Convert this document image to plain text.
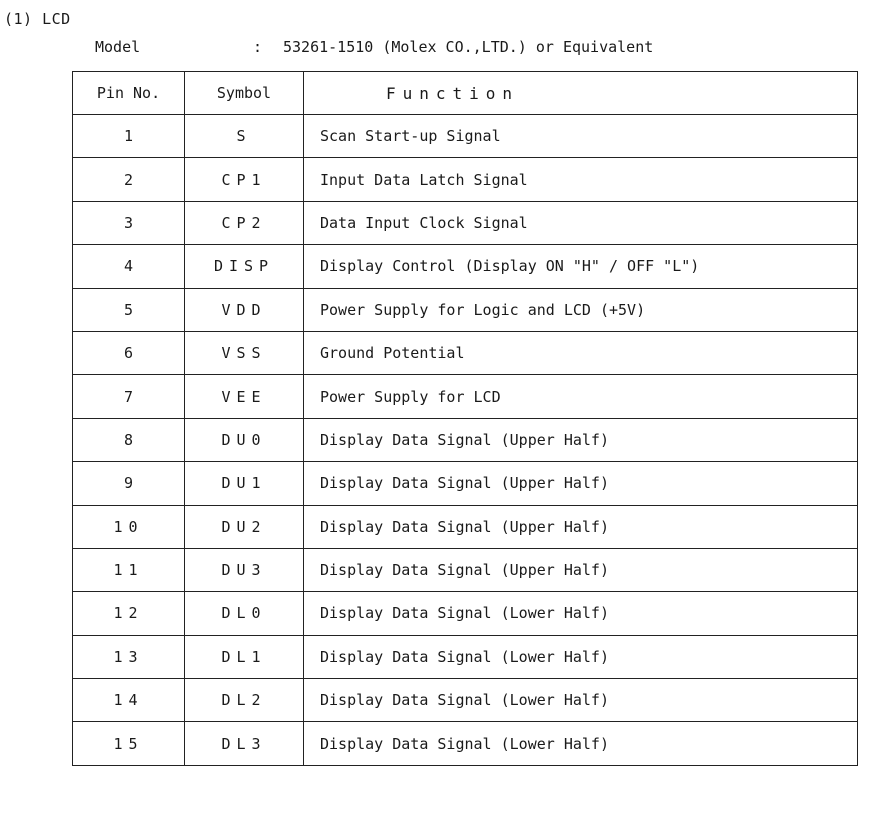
(1) LCD
Model	: 53261-1510 (Molex CO.,LTD.) or Equivalent
Pin No.	Symbol	Function
1	S	Scan Start-up Signal
2	CP1	Input Data Latch Signal
3	CP2	Data Input Clock Signal
4	DISP	Display Control (Display ON "H" / OFF "L")
5	VDD	Power Supply for Logic and LCD (+5V)
6	VSS	Ground Potential
7	VEE	Power Supply for LCD
8	DU0	Display Data Signal (Upper Half)
9	DU1	Display Data Signal (Upper Half)
10	DU2	Display Data Signal (Upper Half)
11	DU3	Display Data Signal (Upper Half)
12	DL0	Display Data Signal (Lower Half)
13	DL1	Display Data Signal (Lower Half)
14	DL2	Display Data Signal (Lower Half)
15	DL3	Display Data Signal (Lower Half)
